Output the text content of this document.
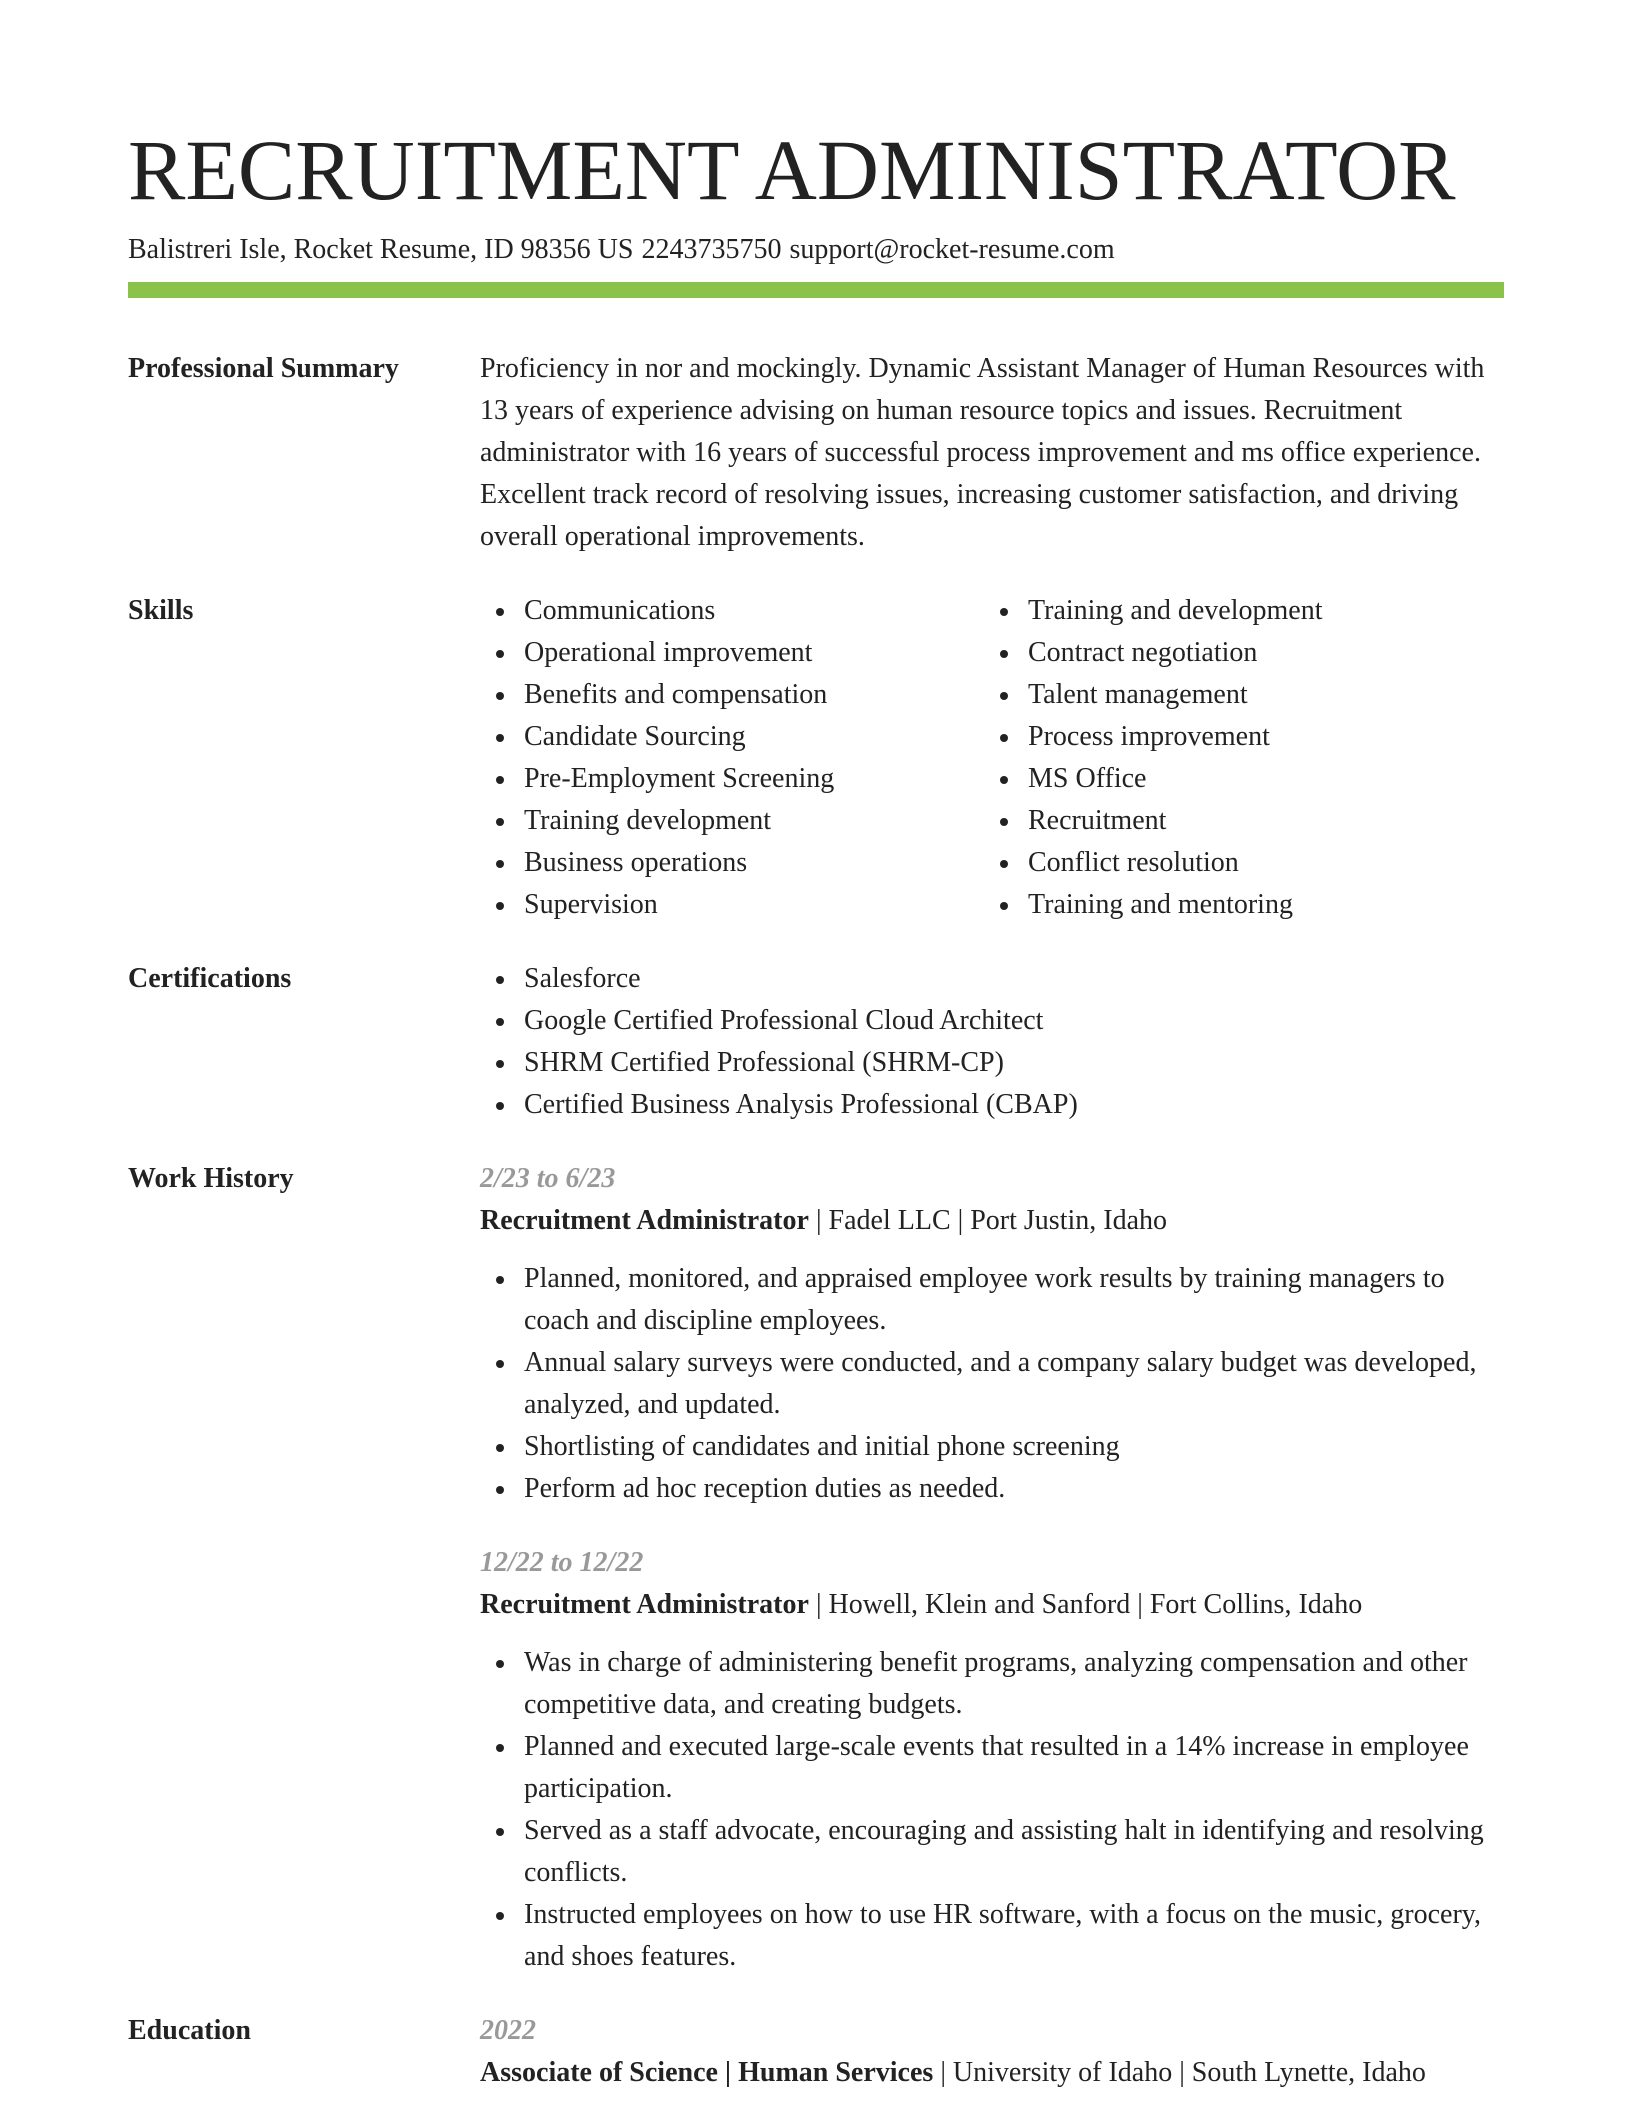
RECRUITMENT ADMINISTRATOR
Balistreri Isle, Rocket Resume, ID 98356 US 2243735750 support@rocket-resume.com
Professional Summary	Proficiency in nor and mockingly. Dynamic Assistant Manager of Human Resources with 13 years of experience advising on human resource topics and issues. Recruitment administrator with 16 years of successful process improvement and ms office experience. Excellent track record of resolving issues, increasing customer satisfaction, and driving overall operational improvements.
Skills	Communications
Operational improvement
Benefits and compensation
Candidate Sourcing
Pre-Employment Screening
Training development
Business operations
Supervision
Training and development
Contract negotiation
Talent management
Process improvement
MS Office
Recruitment
Conflict resolution
Training and mentoring
Certifications	Salesforce
Google Certified Professional Cloud Architect
SHRM Certified Professional (SHRM-CP)
Certified Business Analysis Professional (CBAP)
Work History	2/23 to 6/23
Recruitment Administrator | Fadel LLC | Port Justin, Idaho
Planned, monitored, and appraised employee work results by training managers to coach and discipline employees.
Annual salary surveys were conducted, and a company salary budget was developed, analyzed, and updated.
Shortlisting of candidates and initial phone screening
Perform ad hoc reception duties as needed.
12/22 to 12/22
Recruitment Administrator | Howell, Klein and Sanford | Fort Collins, Idaho
Was in charge of administering benefit programs, analyzing compensation and other competitive data, and creating budgets.
Planned and executed large-scale events that resulted in a 14% increase in employee participation.
Served as a staff advocate, encouraging and assisting halt in identifying and resolving conflicts.
Instructed employees on how to use HR software, with a focus on the music, grocery, and shoes features.
Education	2022
Associate of Science | Human Services | University of Idaho | South Lynette, Idaho
